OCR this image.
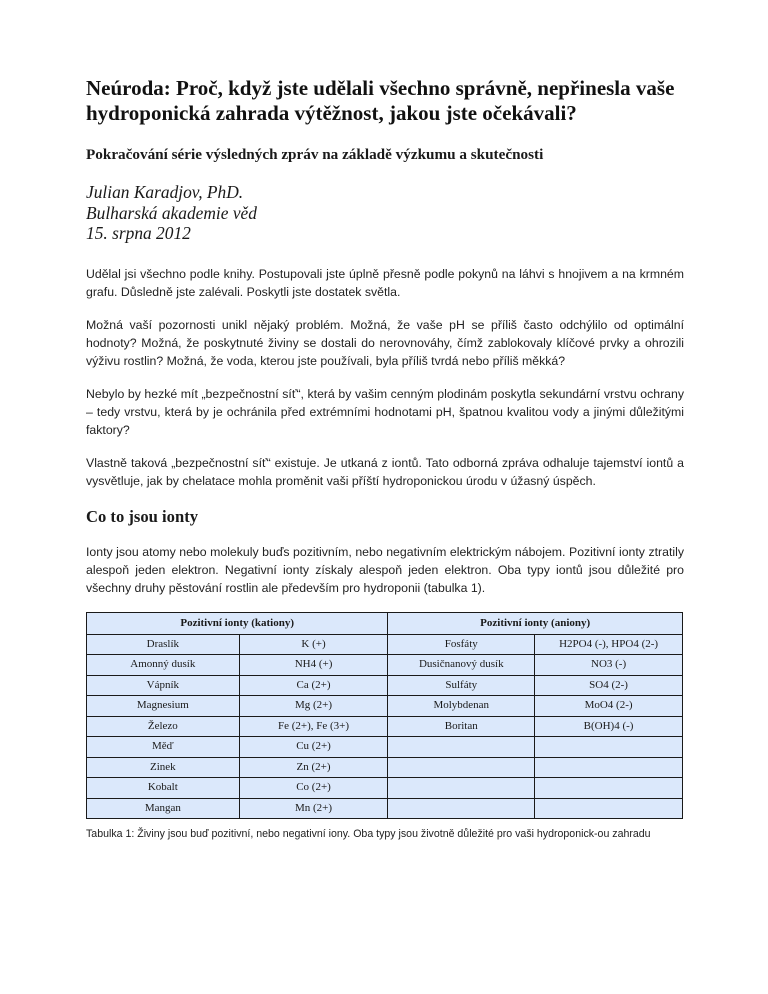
Neúroda: Proč, když jste udělali všechno správně, nepřinesla vaše hydroponická zahrada výtěžnost, jakou jste očekávali?
Pokračování série výsledných zpráv na základě výzkumu a skutečnosti
Julian Karadjov, PhD.
Bulharská akademie věd
15. srpna 2012

Udělal jsi všechno podle knihy. Postupovali jste úplně přesně podle pokynů na láhvi s hnojivem a na krmném grafu. Důsledně jste zalévali. Poskytli jste dostatek světla.

Možná vaší pozornosti unikl nějaký problém. Možná, že vaše pH se příliš často odchýlilo od optimální hodnoty? Možná, že poskytnuté živiny se dostali do nerovnováhy, čímž zablokovaly klíčové prvky a ohrozili výživu rostlin? Možná, že voda, kterou jste používali, byla příliš tvrdá nebo příliš měkká?

Nebylo by hezké mít „bezpečnostní síť“, která by vašim cenným plodinám poskytla sekundární vrstvu ochrany – tedy vrstvu, která by je ochránila před extrémními hodnotami pH, špatnou kvalitou vody a jinými důležitými faktory?

Vlastně taková „bezpečnostní síť“ existuje. Je utkaná z iontů. Tato odborná zpráva odhaluje tajemství iontů a vysvětluje, jak by chelatace mohla proměnit vaši příští hydroponickou úrodu v úžasný úspěch.

Co to jsou ionty

Ionty jsou atomy nebo molekuly buďs pozitivním, nebo negativním elektrickým nábojem. Pozitivní ionty ztratily alespoň jeden elektron. Negativní ionty získaly alespoň jeden elektron. Oba typy iontů jsou důležité pro všechny druhy pěstování rostlin ale především pro hydroponii (tabulka 1).

Pozitivní ionty (kationy)		Pozitivní ionty (aniony)	
Draslík	K (+)	Fosfáty	H2PO4 (-), HPO4 (2-)
Amonný dusík	NH4 (+)	Dusičnanový dusík	NO3 (-)
Vápník	Ca (2+)	Sulfáty	SO4 (2-)
Magnesium	Mg (2+)	Molybdenan	MoO4 (2-)
Železo	Fe (2+), Fe (3+)	Boritan	B(OH)4 (-)
Měď	Cu (2+)		
Zinek	Zn (2+)		
Kobalt	Co (2+)		
Mangan	Mn (2+)		
Tabulka 1: Živiny jsou buď pozitivní, nebo negativní iony. Oba typy jsou životně důležité pro vaši hydroponick-ou zahradu
